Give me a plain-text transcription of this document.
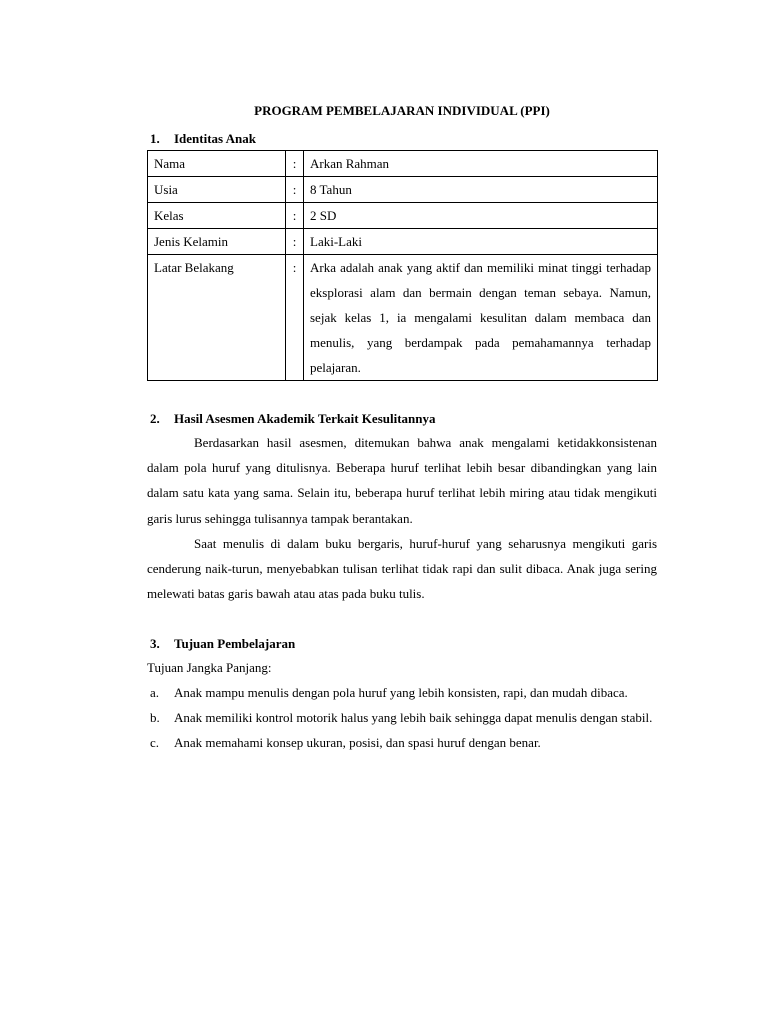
PROGRAM PEMBELAJARAN INDIVIDUAL (PPI)
1.	Identitas Anak
Nama	:	Arkan Rahman
Usia	:	8 Tahun
Kelas	:	2 SD
Jenis Kelamin	:	Laki-Laki
Latar Belakang	:	Arka adalah anak yang aktif dan memiliki minat tinggi terhadap eksplorasi alam dan bermain dengan teman sebaya. Namun, sejak kelas 1, ia mengalami kesulitan dalam membaca dan menulis, yang berdampak pada pemahamannya terhadap pelajaran.
2.	Hasil Asesmen Akademik Terkait Kesulitannya

Berdasarkan hasil asesmen, ditemukan bahwa anak mengalami ketidakkonsistenan dalam pola huruf yang ditulisnya. Beberapa huruf terlihat lebih besar dibandingkan yang lain dalam satu kata yang sama. Selain itu, beberapa huruf terlihat lebih miring atau tidak mengikuti garis lurus sehingga tulisannya tampak berantakan.

Saat menulis di dalam buku bergaris, huruf-huruf yang seharusnya mengikuti garis cenderung naik-turun, menyebabkan tulisan terlihat tidak rapi dan sulit dibaca. Anak juga sering melewati batas garis bawah atau atas pada buku tulis.

3.	Tujuan Pembelajaran
Tujuan Jangka Panjang:
a.	Anak mampu menulis dengan pola huruf yang lebih konsisten, rapi, dan mudah dibaca.
b.	Anak memiliki kontrol motorik halus yang lebih baik sehingga dapat menulis dengan stabil.
c.	Anak memahami konsep ukuran, posisi, dan spasi huruf dengan benar.
